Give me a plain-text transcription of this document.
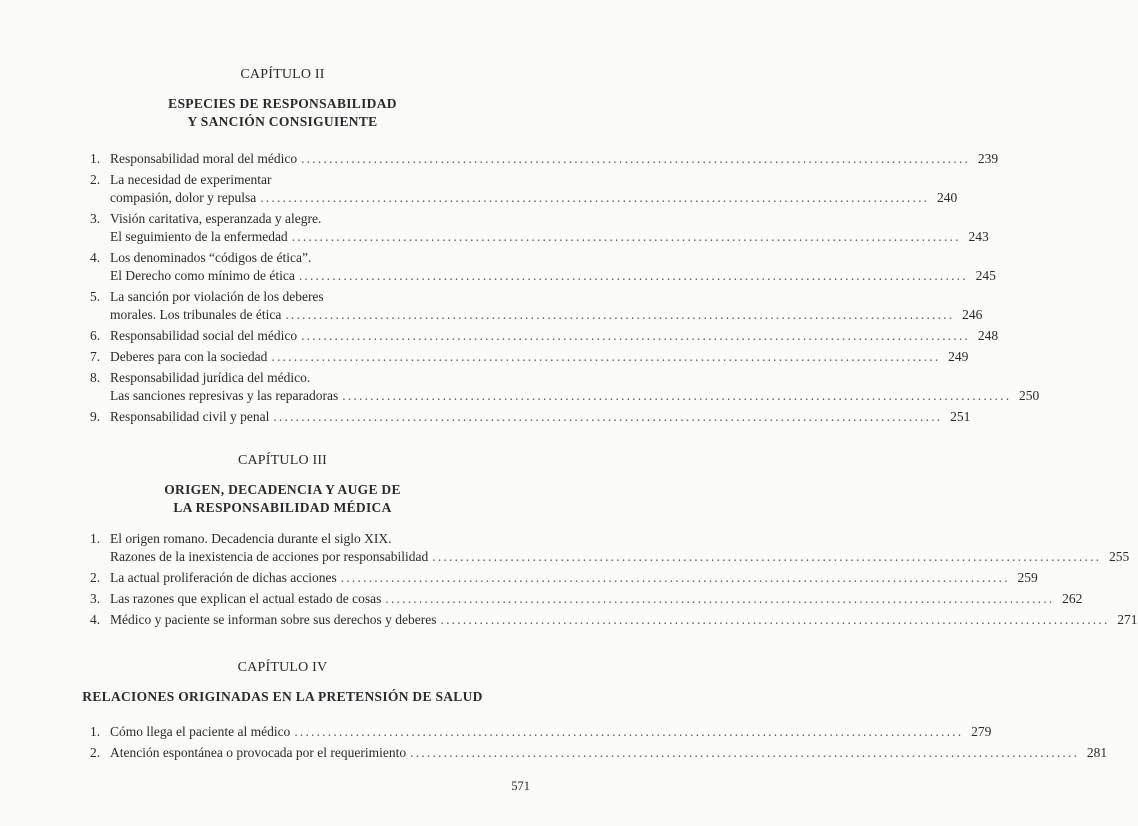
CAPÍTULO II
ESPECIES DE RESPONSABILIDAD
Y SANCIÓN CONSIGUIENTE
1. Responsabilidad moral del médico ........................................................................................................................ 239
2. La necesidad de experimentar
compasión, dolor y repulsa ........................................................................................................................ 240
3. Visión caritativa, esperanzada y alegre.
El seguimiento de la enfermedad ........................................................................................................................ 243
4. Los denominados “códigos de ética”.
El Derecho como mínimo de ética ........................................................................................................................ 245
5. La sanción por violación de los deberes
morales. Los tribunales de ética ........................................................................................................................ 246
6. Responsabilidad social del médico ........................................................................................................................ 248
7. Deberes para con la sociedad ........................................................................................................................ 249
8. Responsabilidad jurídica del médico.
Las sanciones represivas y las reparadoras ........................................................................................................................ 250
9. Responsabilidad civil y penal ........................................................................................................................ 251
CAPÍTULO III
ORIGEN, DECADENCIA Y AUGE DE
LA RESPONSABILIDAD MÉDICA
1. El origen romano. Decadencia durante el siglo XIX.
Razones de la inexistencia de acciones por responsabilidad ........................................................................................................................ 255
2. La actual proliferación de dichas acciones ........................................................................................................................ 259
3. Las razones que explican el actual estado de cosas ........................................................................................................................ 262
4. Médico y paciente se informan sobre sus derechos y deberes ........................................................................................................................ 271
CAPÍTULO IV
RELACIONES ORIGINADAS EN LA PRETENSIÓN DE SALUD
1. Cómo llega el paciente al médico ........................................................................................................................ 279
2. Atención espontánea o provocada por el requerimiento ........................................................................................................................ 281
571
